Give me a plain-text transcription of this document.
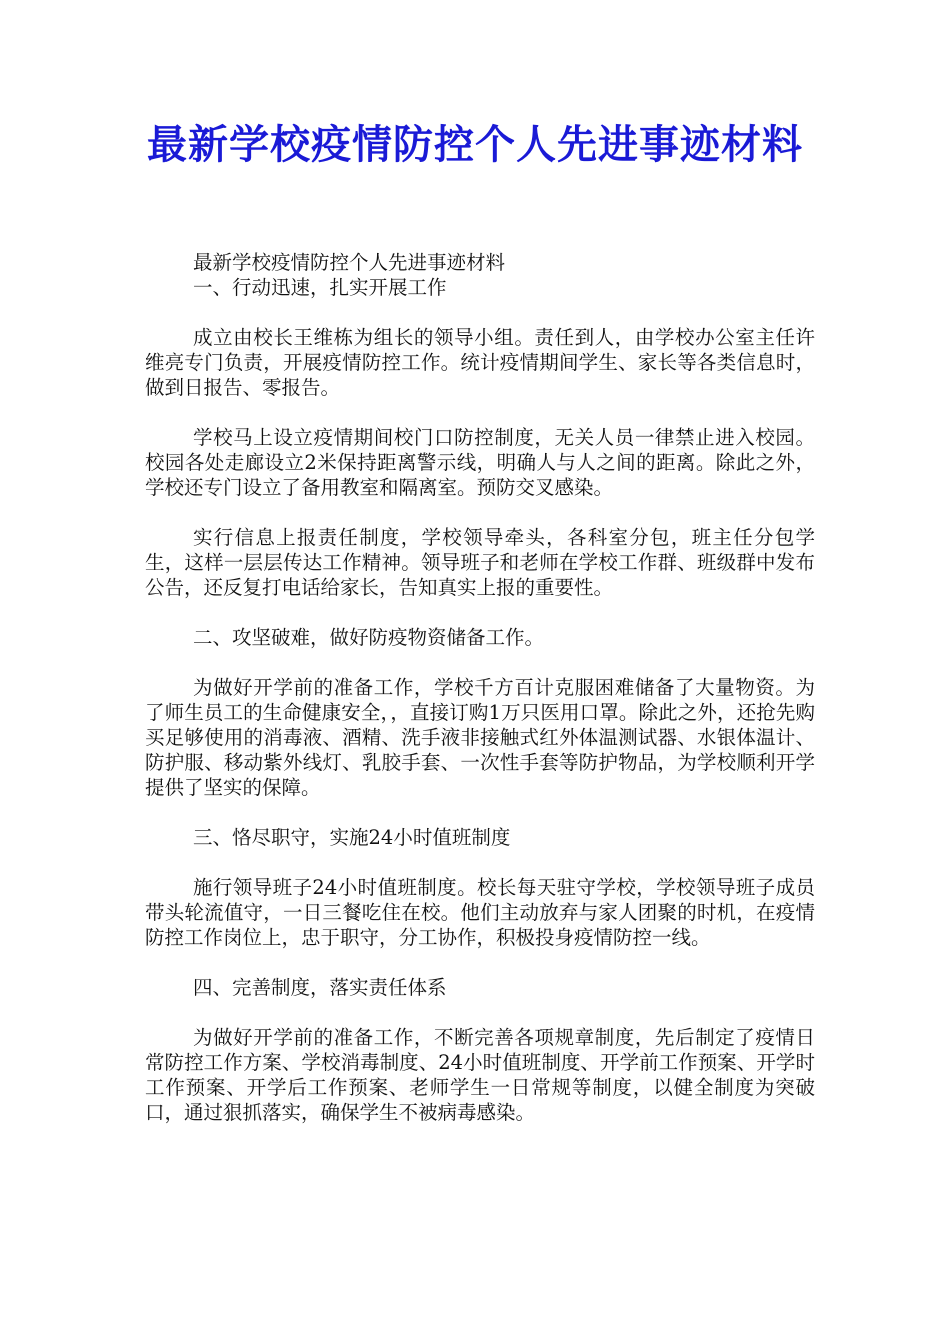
最新学校疫情防控个人先进事迹材料

最新学校疫情防控个人先进事迹材料

一、行动迅速，扎实开展工作

成立由校长王维栋为组长的领导小组。责任到人，由学校办公室主任许维亮专门负责，开展疫情防控工作。统计疫情期间学生、家长等各类信息时，做到日报告、零报告。

学校马上设立疫情期间校门口防控制度，无关人员一律禁止进入校园。校园各处走廊设立2米保持距离警示线，明确人与人之间的距离。除此之外，学校还专门设立了备用教室和隔离室。预防交叉感染。

实行信息上报责任制度，学校领导牵头，各科室分包，班主任分包学生，这样一层层传达工作精神。领导班子和老师在学校工作群、班级群中发布公告，还反复打电话给家长，告知真实上报的重要性。

二、攻坚破难，做好防疫物资储备工作。

为做好开学前的准备工作，学校千方百计克服困难储备了大量物资。为了师生员工的生命健康安全，，直接订购1万只医用口罩。除此之外，还抢先购买足够使用的消毒液、酒精、洗手液非接触式红外体温测试器、水银体温计、防护服、移动紫外线灯、乳胶手套、一次性手套等防护物品，为学校顺利开学提供了坚实的保障。

三、恪尽职守，实施24小时值班制度

施行领导班子24小时值班制度。校长每天驻守学校，学校领导班子成员带头轮流值守，一日三餐吃住在校。他们主动放弃与家人团聚的时机，在疫情防控工作岗位上，忠于职守，分工协作，积极投身疫情防控一线。

四、完善制度，落实责任体系

为做好开学前的准备工作，不断完善各项规章制度，先后制定了疫情日常防控工作方案、学校消毒制度、24小时值班制度、开学前工作预案、开学时工作预案、开学后工作预案、老师学生一日常规等制度，以健全制度为突破口，通过狠抓落实，确保学生不被病毒感染。
